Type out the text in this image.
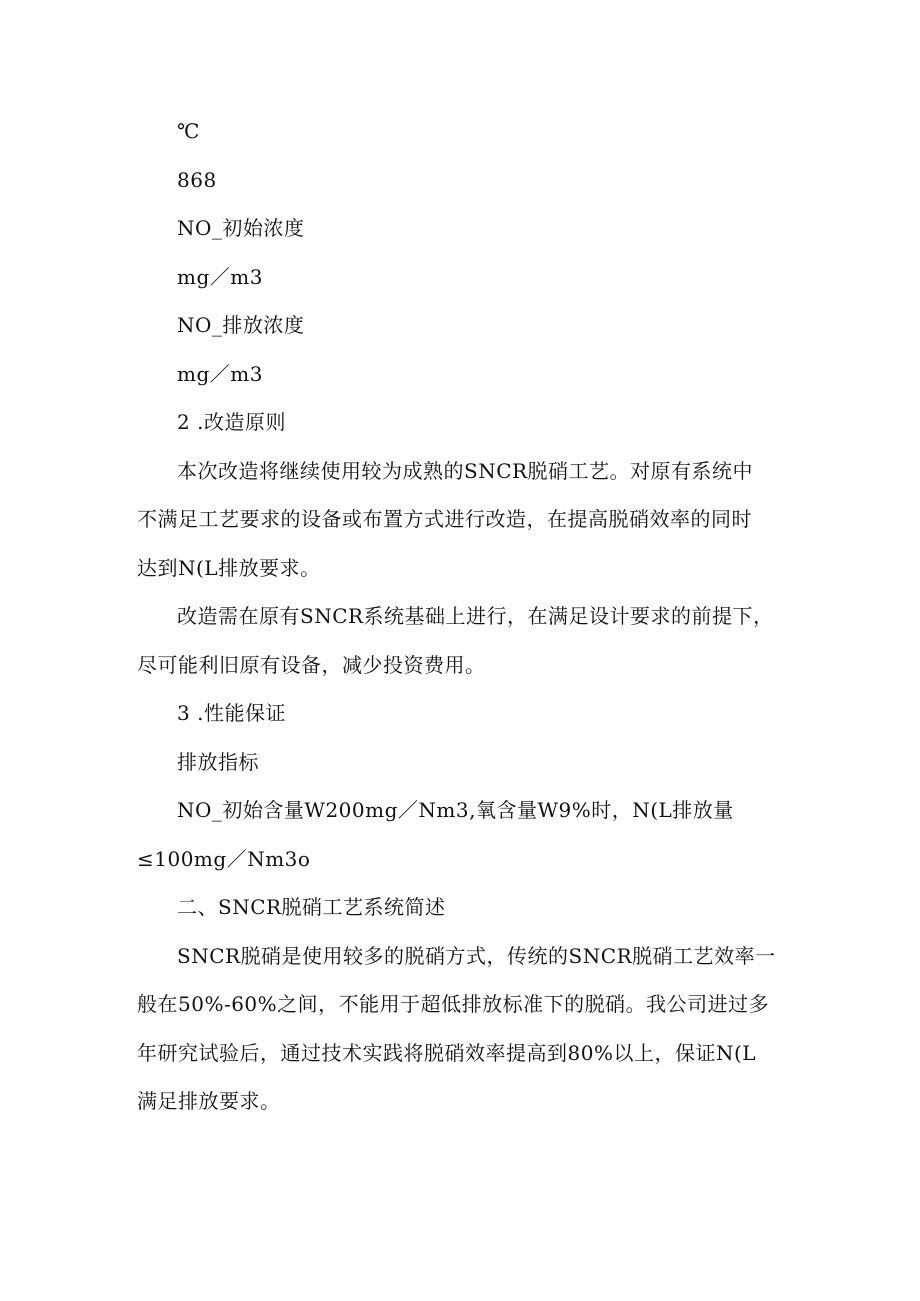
℃
868
NO_初始浓度
mg／m3
NO_排放浓度
mg／m3
2 .改造原则
本次改造将继续使用较为成熟的SNCR脱硝工艺。对原有系统中
不满足工艺要求的设备或布置方式进行改造，在提高脱硝效率的同时
达到N(L排放要求。
改造需在原有SNCR系统基础上进行，在满足设计要求的前提下，
尽可能利旧原有设备，减少投资费用。
3 .性能保证
排放指标
NO_初始含量W200mg／Nm3,氧含量W9%时，N(L排放量
≤100mg／Nm3o
二、SNCR脱硝工艺系统简述
SNCR脱硝是使用较多的脱硝方式，传统的SNCR脱硝工艺效率一
般在50%-60%之间，不能用于超低排放标准下的脱硝。我公司进过多
年研究试验后，通过技术实践将脱硝效率提高到80%以上，保证N(L
满足排放要求。
